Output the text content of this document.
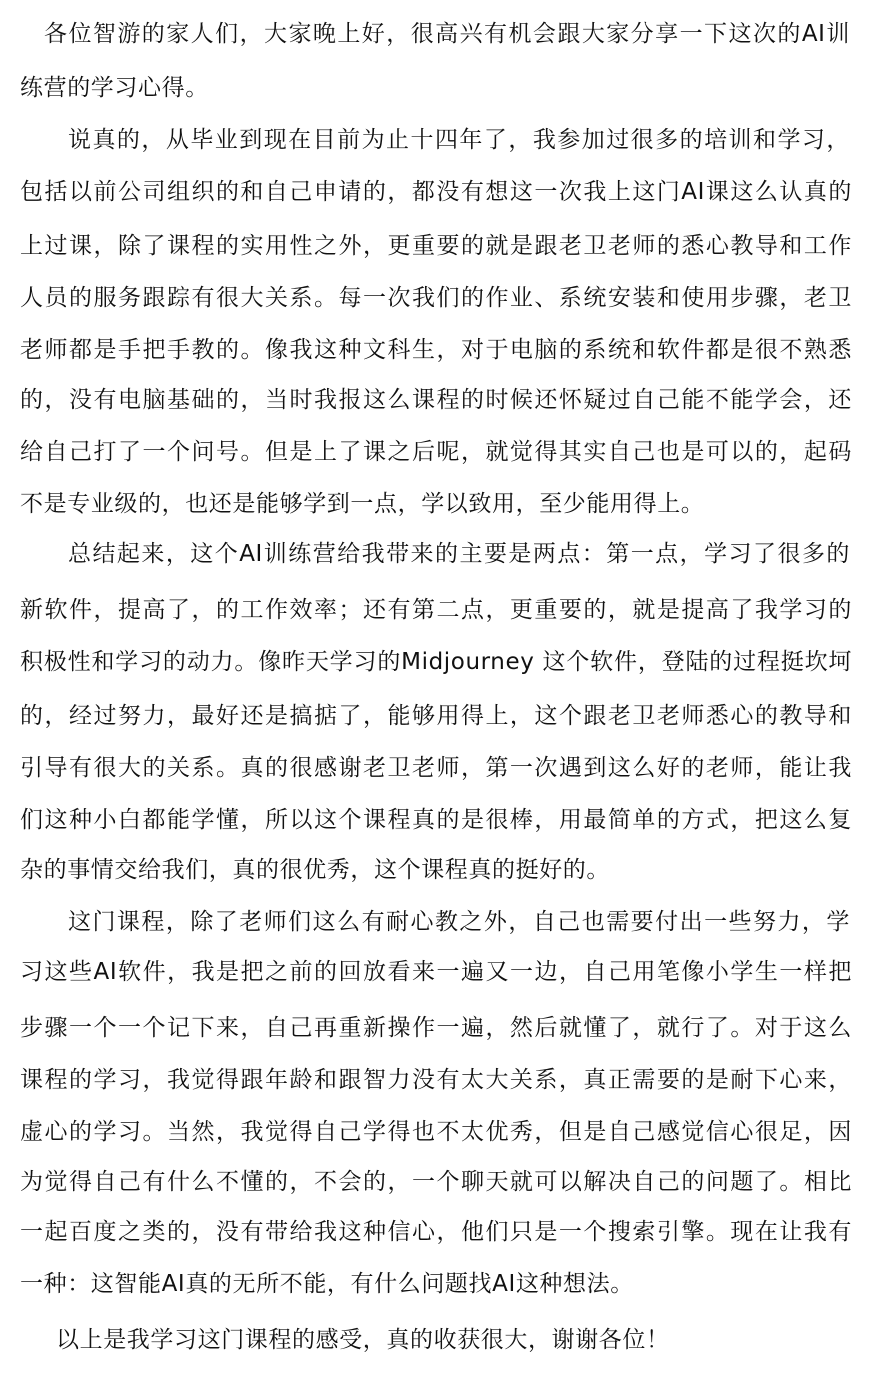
各位智游的家人们，大家晚上好，很高兴有机会跟大家分享一下这次的AI训
练营的学习心得。
说真的，从毕业到现在目前为止十四年了，我参加过很多的培训和学习，
包括以前公司组织的和自己申请的，都没有想这一次我上这门AI课这么认真的
上过课，除了课程的实用性之外，更重要的就是跟老卫老师的悉心教导和工作
人员的服务跟踪有很大关系。每一次我们的作业、系统安装和使用步骤，老卫
老师都是手把手教的。像我这种文科生，对于电脑的系统和软件都是很不熟悉
的，没有电脑基础的，当时我报这么课程的时候还怀疑过自己能不能学会，还
给自己打了一个问号。但是上了课之后呢，就觉得其实自己也是可以的，起码
不是专业级的，也还是能够学到一点，学以致用，至少能用得上。
总结起来，这个AI训练营给我带来的主要是两点：第一点，学习了很多的
新软件，提高了，的工作效率；还有第二点，更重要的，就是提高了我学习的
积极性和学习的动力。像昨天学习的Midjourney 这个软件，登陆的过程挺坎坷
的，经过努力，最好还是搞掂了，能够用得上，这个跟老卫老师悉心的教导和
引导有很大的关系。真的很感谢老卫老师，第一次遇到这么好的老师，能让我
们这种小白都能学懂，所以这个课程真的是很棒，用最简单的方式，把这么复
杂的事情交给我们，真的很优秀，这个课程真的挺好的。
这门课程，除了老师们这么有耐心教之外，自己也需要付出一些努力，学
习这些AI软件，我是把之前的回放看来一遍又一边，自己用笔像小学生一样把
步骤一个一个记下来，自己再重新操作一遍，然后就懂了，就行了。对于这么
课程的学习，我觉得跟年龄和跟智力没有太大关系，真正需要的是耐下心来，
虚心的学习。当然，我觉得自己学得也不太优秀，但是自己感觉信心很足，因
为觉得自己有什么不懂的，不会的，一个聊天就可以解决自己的问题了。相比
一起百度之类的，没有带给我这种信心，他们只是一个搜索引擎。现在让我有
一种：这智能AI真的无所不能，有什么问题找AI这种想法。
以上是我学习这门课程的感受，真的收获很大，谢谢各位！
